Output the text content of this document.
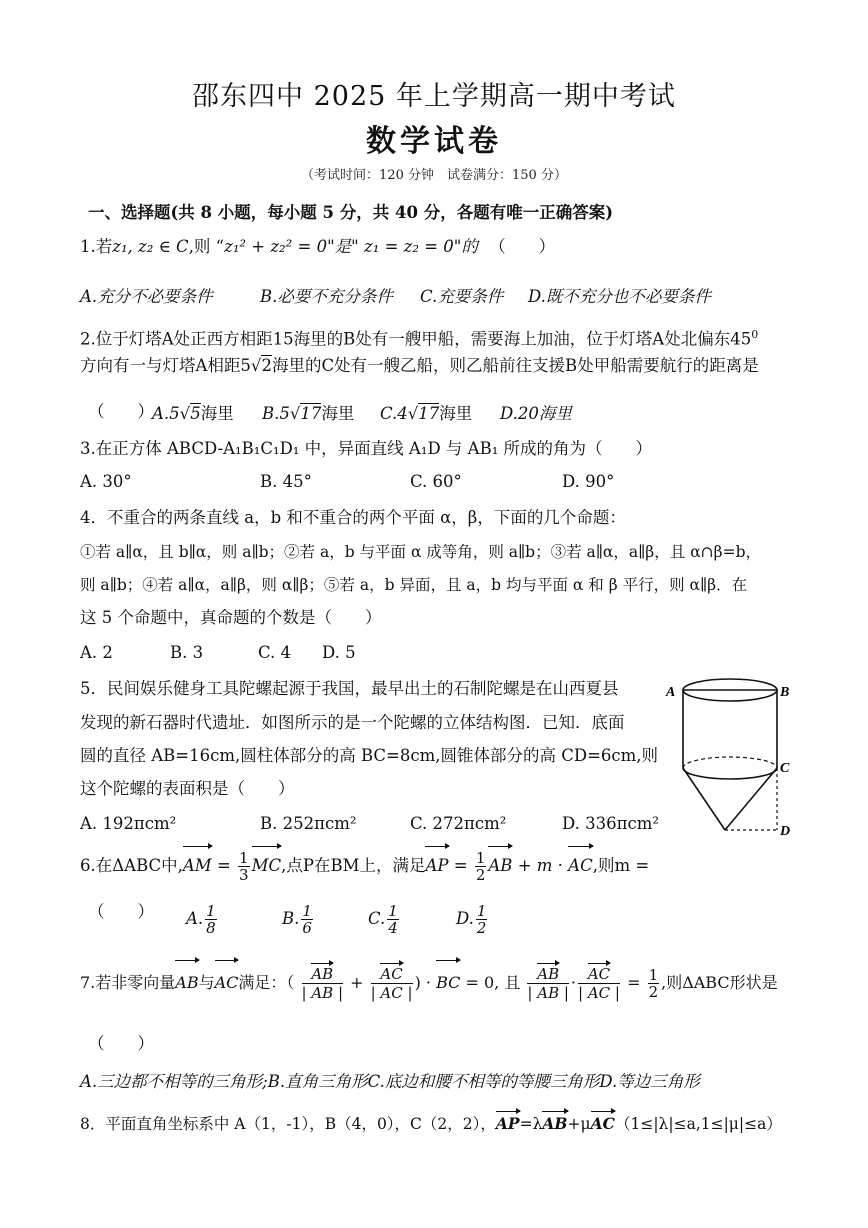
邵东四中 2025 年上学期高一期中考试
数学试卷
（考试时间：120 分钟　试卷满分：150 分）
一、选择题(共 8 小题，每小题 5 分，共 40 分，各题有唯一正确答案)
1.若z₁, z₂ ∈ C,则 “z₁² + z₂² = 0"是" z₁ = z₂ = 0"的 （　　）
A.充分不必要条件	B.必要不充分条件 C.充要条件 D.既不充分也不必要条件
2.位于灯塔A处正西方相距15海里的B处有一艘甲船，需要海上加油，位于灯塔A处北偏东$45^0$
方向有一与灯塔A相距5√2海里的C处有一艘乙船，则乙船前往支援B处甲船需要航行的距离是
（　　）
A.5√5海里 B.5√17海里 C.4√17海里 D.20海里
3.在正方体 ABCD-A₁B₁C₁D₁ 中，异面直线 A₁D 与 AB₁ 所成的角为（　　）
A. 30°	B. 45°	C. 60°	D. 90°
4．不重合的两条直线 a，b 和不重合的两个平面 α，β，下面的几个命题：
①若 a∥α，且 b∥α，则 a∥b；②若 a，b 与平面 α 成等角，则 a∥b；③若 a∥α，a∥β，且 α∩β=b，
则 a∥b；④若 a∥α，a∥β，则 α∥β；⑤若 a，b 异面，且 a，b 均与平面 α 和 β 平行，则 α∥β．在
这 5 个命题中，真命题的个数是（　　）
A. 2	B. 3	C. 4 D. 5
5．民间娱乐健身工具陀螺起源于我国，最早出土的石制陀螺是在山西夏县
发现的新石器时代遗址．如图所示的是一个陀螺的立体结构图．已知．底面
圆的直径 AB=16cm,圆柱体部分的高 BC=8cm,圆锥体部分的高 CD=6cm,则
这个陀螺的表面积是（　　）
A. 192πcm²	B. 252πcm²	C. 272πcm²	D. 336πcm²
A	B
C
D
6.在ΔABC中$,AM = \frac{1}{3}$ MC,点P在BM上，满足AP = $\frac{1}{2}$ AB + m · AC,则m =
（　　） A. $\frac{1}{8}$	B. $\frac{1}{6}$	C. $\frac{1}{4}$	D. $\frac{1}{2}$
7.若非零向量AB与AC满足：（ $\frac{AB}{| AB |} + \frac{AC}{| AC |}$ ) · BC = 0, 且 $\frac{AB}{| AB |} \cdot \frac{AC}{| AC |} = \frac{1}{2}$ ,则ΔABC形状是
（　　）
A.三边都不相等的三角形;B.直角三角形C.底边和腰不相等的等腰三角形D.等边三角形
8．平面直角坐标系中 A（1，-1），B（4，0），C（2，2），AP=λAB+μAC（1≤|λ|≤a,1≤|μ|≤a）
